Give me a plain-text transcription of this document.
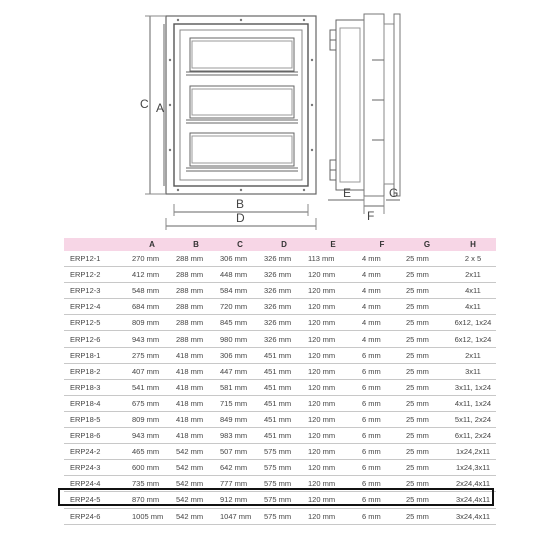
C A
B
D
E
F
G
	A	B	C	D	E	F	G	H
ERP12-1	270 mm	288 mm	306 mm	326 mm	113 mm	4 mm	25 mm	2 x 5
ERP12-2	412 mm	288 mm	448 mm	326 mm	120 mm	4 mm	25 mm	2x11
ERP12-3	548 mm	288 mm	584 mm	326 mm	120 mm	4 mm	25 mm	4x11
ERP12-4	684 mm	288 mm	720 mm	326 mm	120 mm	4 mm	25 mm	4x11
ERP12-5	809 mm	288 mm	845 mm	326 mm	120 mm	4 mm	25 mm	6x12, 1x24
ERP12-6	943 mm	288 mm	980 mm	326 mm	120 mm	4 mm	25 mm	6x12, 1x24
ERP18-1	275 mm	418 mm	306 mm	451 mm	120 mm	6 mm	25 mm	2x11
ERP18-2	407 mm	418 mm	447 mm	451 mm	120 mm	6 mm	25 mm	3x11
ERP18-3	541 mm	418 mm	581 mm	451 mm	120 mm	6 mm	25 mm	3x11, 1x24
ERP18-4	675 mm	418 mm	715 mm	451 mm	120 mm	6 mm	25 mm	4x11, 1x24
ERP18-5	809 mm	418 mm	849 mm	451 mm	120 mm	6 mm	25 mm	5x11, 2x24
ERP18-6	943 mm	418 mm	983 mm	451 mm	120 mm	6 mm	25 mm	6x11, 2x24
ERP24-2	465 mm	542 mm	507 mm	575 mm	120 mm	6 mm	25 mm	1x24,2x11
ERP24-3	600 mm	542 mm	642 mm	575 mm	120 mm	6 mm	25 mm	1x24,3x11
ERP24-4	735 mm	542 mm	777 mm	575 mm	120 mm	6 mm	25 mm	2x24,4x11
ERP24-5	870 mm	542 mm	912 mm	575 mm	120 mm	6 mm	25 mm	3x24,4x11
ERP24-6	1005 mm	542 mm	1047 mm	575 mm	120 mm	6 mm	25 mm	3x24,4x11
